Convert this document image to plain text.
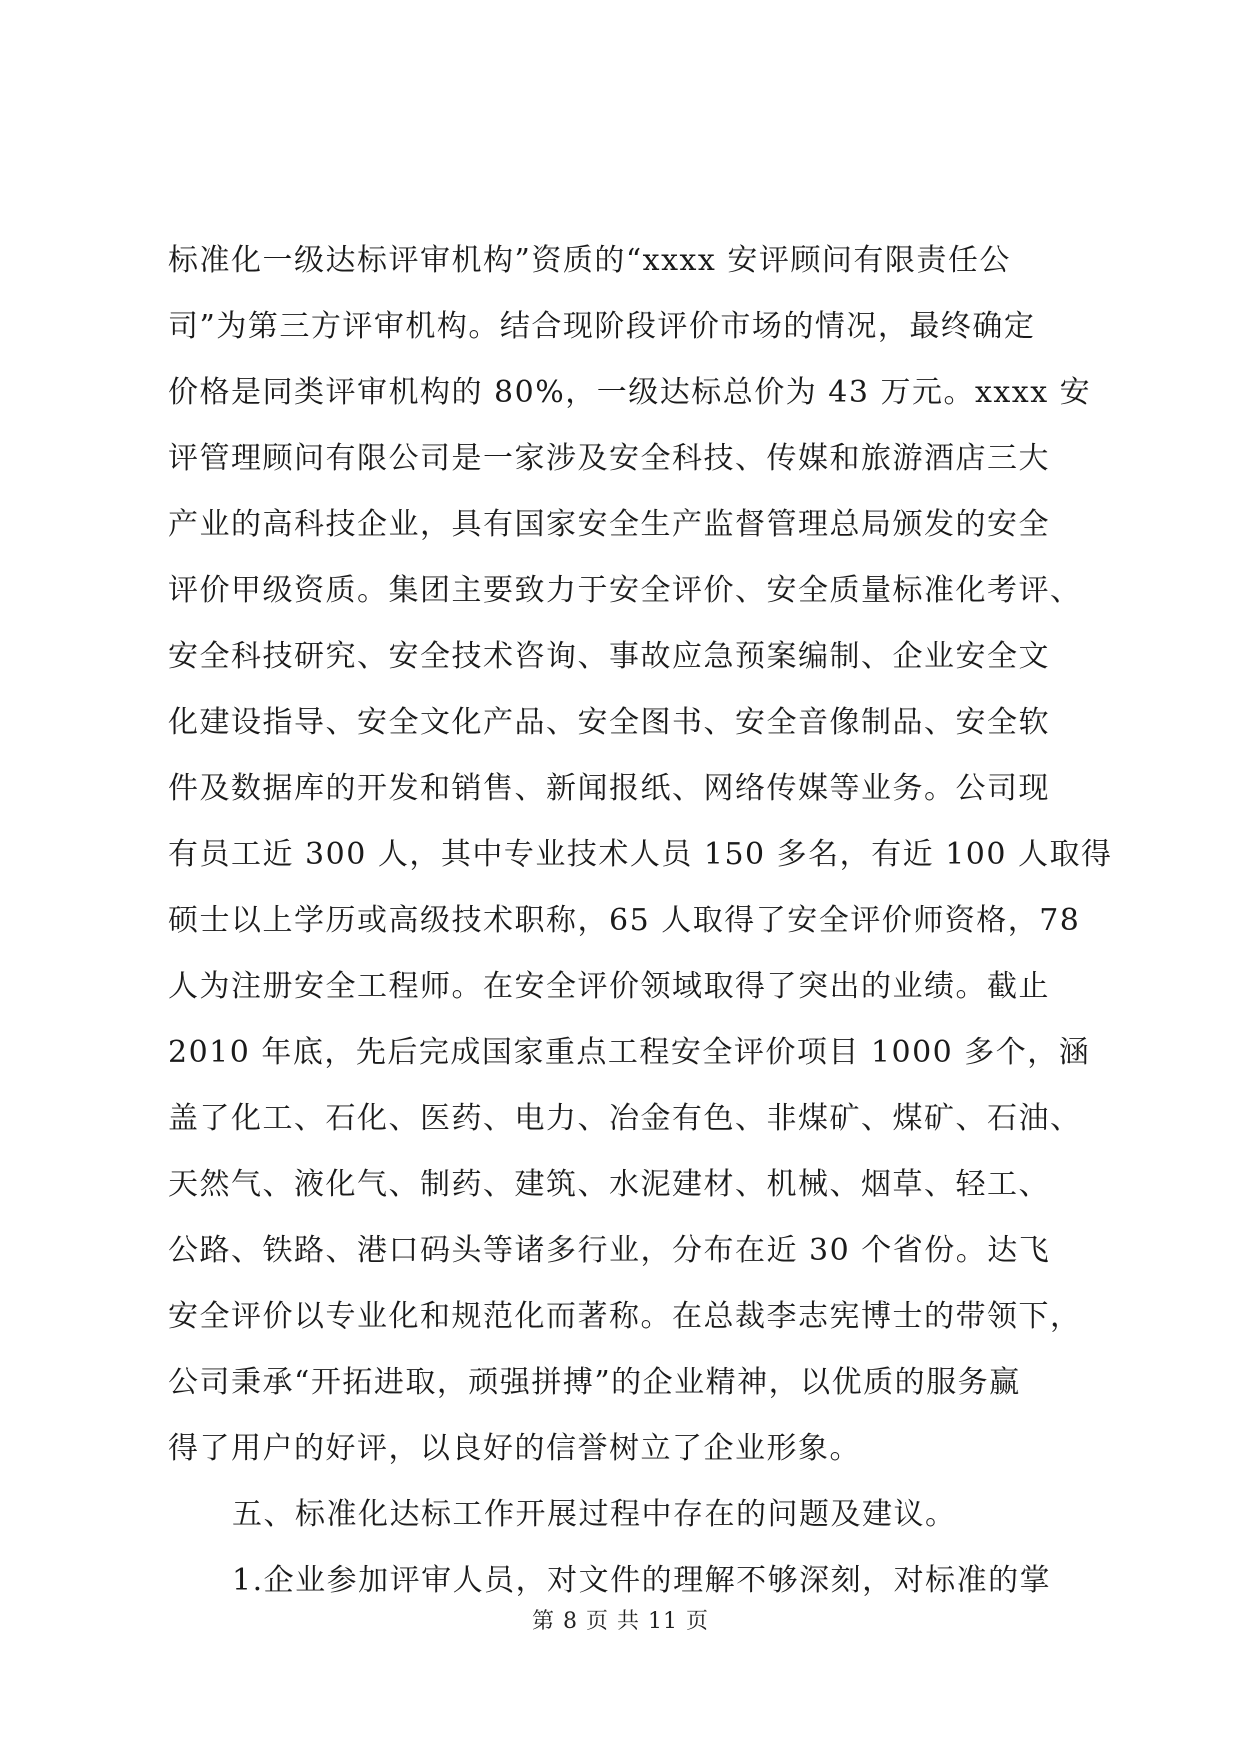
标准化一级达标评审机构”资质的“xxxx 安评顾问有限责任公
司”为第三方评审机构。结合现阶段评价市场的情况，最终确定
价格是同类评审机构的 80%，一级达标总价为 43 万元。xxxx 安
评管理顾问有限公司是一家涉及安全科技、传媒和旅游酒店三大
产业的高科技企业，具有国家安全生产监督管理总局颁发的安全
评价甲级资质。集团主要致力于安全评价、安全质量标准化考评、
安全科技研究、安全技术咨询、事故应急预案编制、企业安全文
化建设指导、安全文化产品、安全图书、安全音像制品、安全软
件及数据库的开发和销售、新闻报纸、网络传媒等业务。公司现
有员工近 300 人，其中专业技术人员 150 多名，有近 100 人取得
硕士以上学历或高级技术职称，65 人取得了安全评价师资格，78
人为注册安全工程师。在安全评价领域取得了突出的业绩。截止
2010 年底，先后完成国家重点工程安全评价项目 1000 多个，涵
盖了化工、石化、医药、电力、冶金有色、非煤矿、煤矿、石油、
天然气、液化气、制药、建筑、水泥建材、机械、烟草、轻工、
公路、铁路、港口码头等诸多行业，分布在近 30 个省份。达飞
安全评价以专业化和规范化而著称。在总裁李志宪博士的带领下，
公司秉承“开拓进取，顽强拼搏”的企业精神，以优质的服务赢
得了用户的好评，以良好的信誉树立了企业形象。
五、标准化达标工作开展过程中存在的问题及建议。
1.企业参加评审人员，对文件的理解不够深刻，对标准的掌
第 8 页 共 11 页
